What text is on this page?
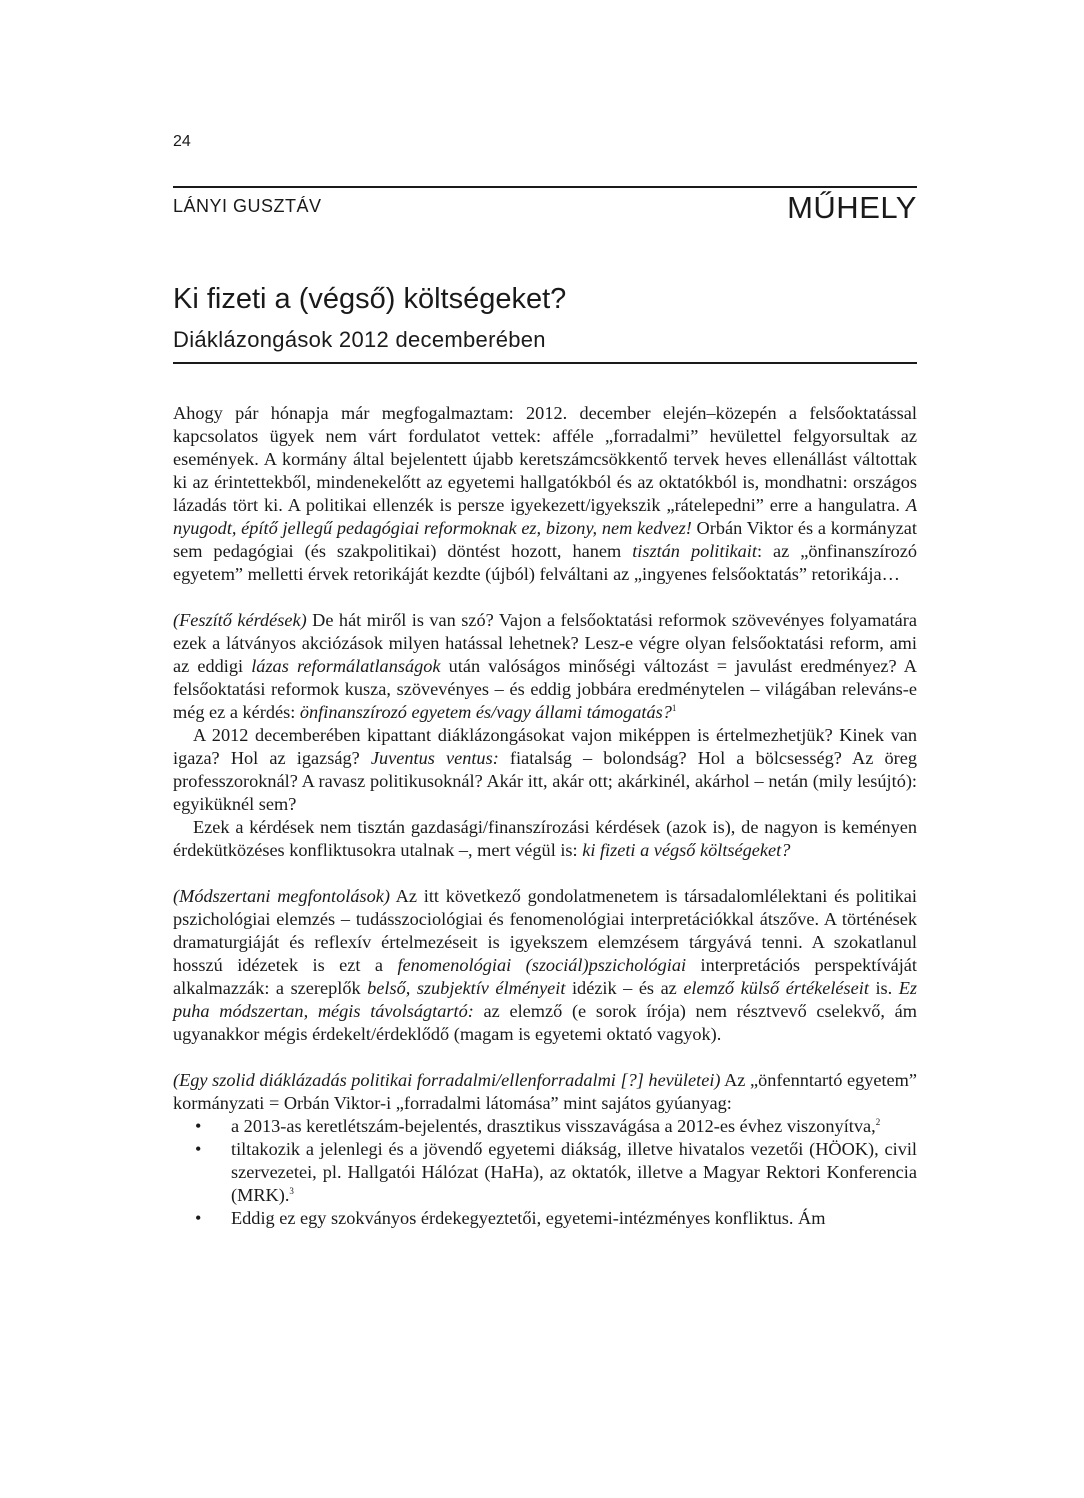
24
LÁNYI GUSZTÁV	MŰHELY
Ki fizeti a (végső) költségeket?
Diáklázongások 2012 decemberében

Ahogy pár hónapja már megfogalmaztam: 2012. december elején–közepén a felsőoktatással kapcsolatos ügyek nem várt fordulatot vettek: afféle „forradalmi” hevülettel felgyorsultak az események. A kormány által bejelentett újabb keretszámcsökkentő tervek heves ellenállást váltottak ki az érintettekből, mindenekelőtt az egyetemi hallgatókból és az oktatókból is, mondhatni: országos lázadás tört ki. A politikai ellenzék is persze igyekezett/igyekszik „rátelepedni” erre a hangulatra. A nyugodt, építő jellegű pedagógiai reformoknak ez, bizony, nem kedvez! Orbán Viktor és a kormányzat sem pedagógiai (és szakpolitikai) döntést hozott, hanem tisztán politikait: az „önfinanszírozó egyetem” melletti érvek retorikáját kezdte (újból) felváltani az „ingyenes felsőoktatás” retorikája…

(Feszítő kérdések) De hát miről is van szó? Vajon a felsőoktatási reformok szövevényes folyamatára ezek a látványos akciózások milyen hatással lehetnek? Lesz-e végre olyan felsőoktatási reform, ami az eddigi lázas reformálatlanságok után valóságos minőségi változást = javulást eredményez? A felsőoktatási reformok kusza, szövevényes – és eddig jobbára eredménytelen – világában releváns-e még ez a kérdés: önfinanszírozó egyetem és/vagy állami támogatás?$^1$

A 2012 decemberében kipattant diáklázongásokat vajon miképpen is értelmezhetjük? Kinek van igaza? Hol az igazság? Juventus ventus: fiatalság – bolondság? Hol a bölcsesség? Az öreg professzoroknál? A ravasz politikusoknál? Akár itt, akár ott; akárkinél, akárhol – netán (mily lesújtó): egyiküknél sem?

Ezek a kérdések nem tisztán gazdasági/finanszírozási kérdések (azok is), de nagyon is keményen érdekütközéses konfliktusokra utalnak –, mert végül is: ki fizeti a végső költségeket?

(Módszertani megfontolások) Az itt következő gondolatmenetem is társadalomlélektani és politikai pszichológiai elemzés – tudásszociológiai és fenomenológiai interpretációkkal átszőve. A történések dramaturgiáját és reflexív értelmezéseit is igyekszem elemzésem tárgyává tenni. A szokatlanul hosszú idézetek is ezt a fenomenológiai (szociál)pszichológiai interpretációs perspektíváját alkalmazzák: a szereplők belső, szubjektív élményeit idézik – és az elemző külső értékeléseit is. Ez puha módszertan, mégis távolságtartó: az elemző (e sorok írója) nem résztvevő cselekvő, ám ugyanakkor mégis érdekelt/érdeklődő (magam is egyetemi oktató vagyok).

(Egy szolid diáklázadás politikai forradalmi/ellenforradalmi [?] hevületei) Az „önfenntartó egyetem” kormányzati = Orbán Viktor-i „forradalmi látomása” mint sajátos gyúanyag:

• a 2013-as keretlétszám-bejelentés, drasztikus visszavágása a 2012-es évhez viszonyítva,$^2$
• tiltakozik a jelenlegi és a jövendő egyetemi diákság, illetve hivatalos vezetői (HÖOK), civil szervezetei, pl. Hallgatói Hálózat (HaHa), az oktatók, illetve a Magyar Rektori Konferencia (MRK).$^3$
• Eddig ez egy szokványos érdekegyeztetői, egyetemi-intézményes konfliktus. Ám
